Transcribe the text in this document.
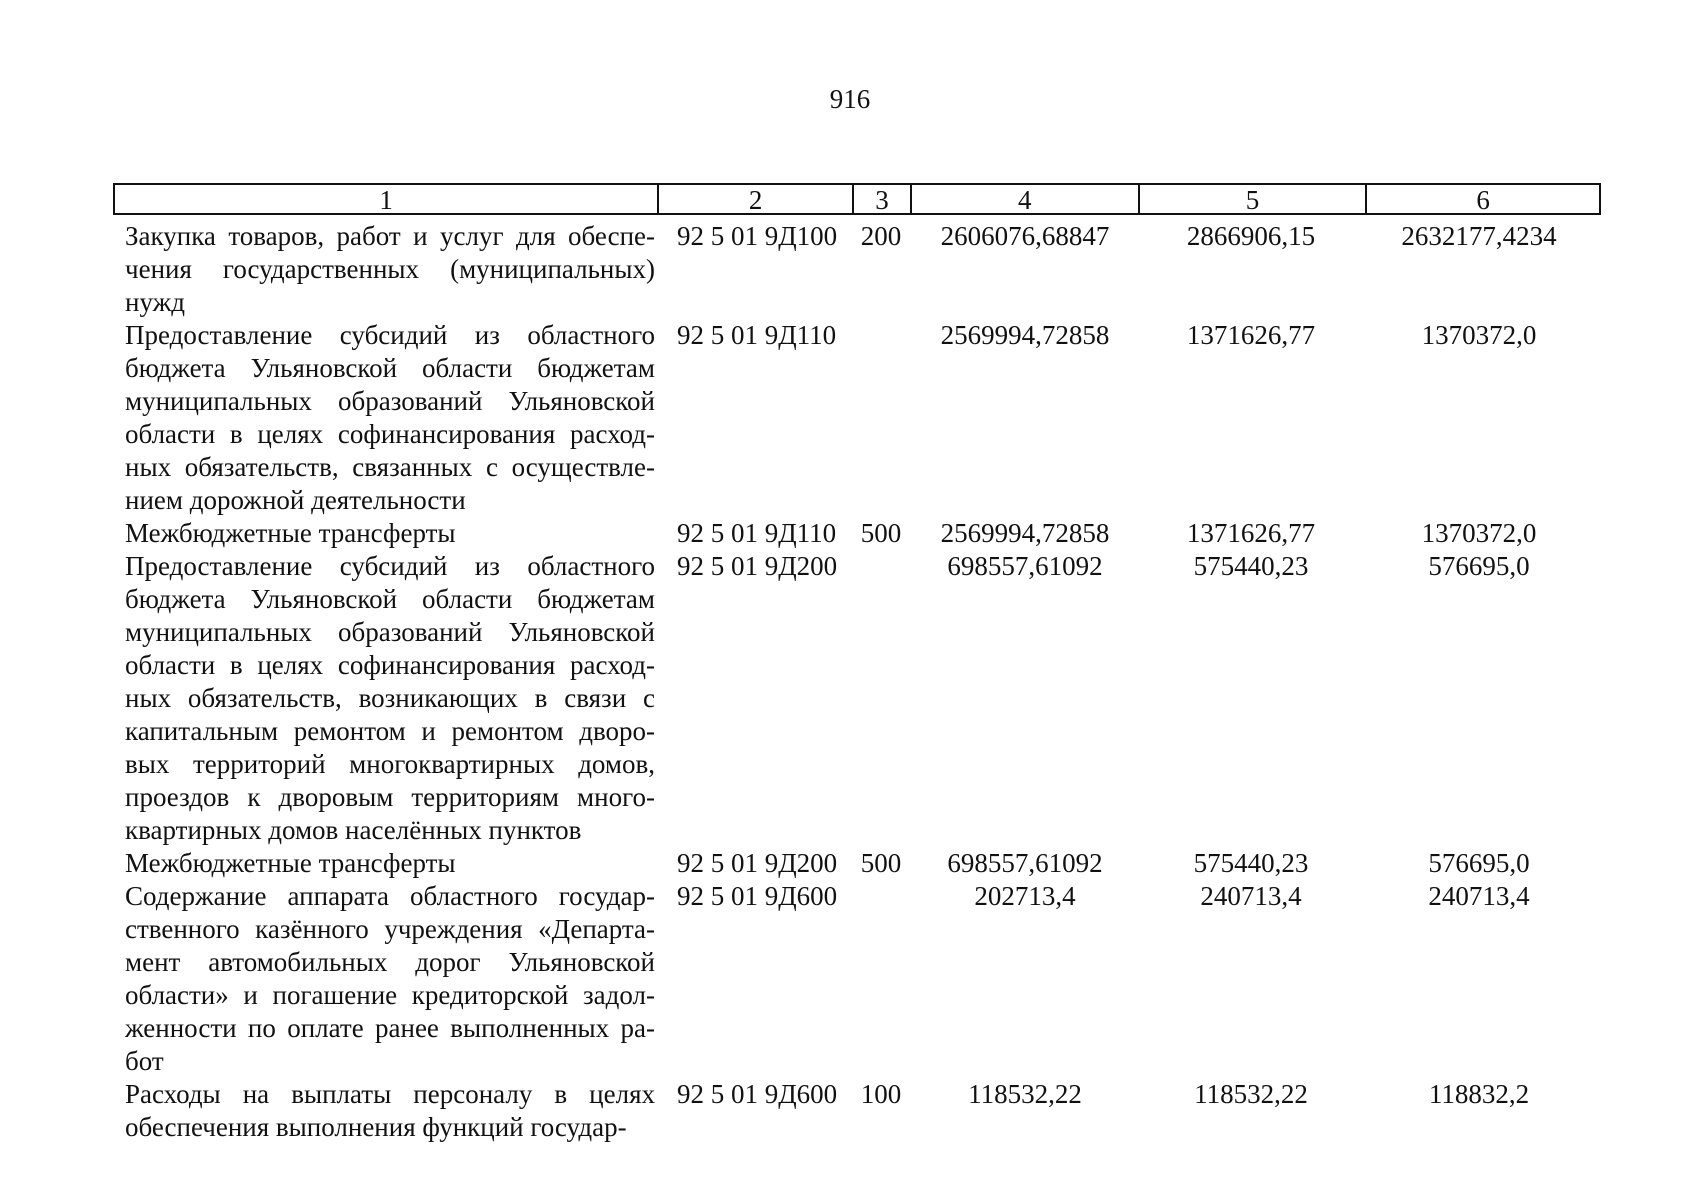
916
1	2	3	4	5	6
Закупка товаров, работ и услуг для обеспе-
чения государственных (муниципальных)
нужд
92 5 01 9Д100 200	2606076,68847	2866906,15	2632177,4234
Предоставление субсидий из областного
бюджета Ульяновской области бюджетам
муниципальных образований Ульяновской
области в целях софинансирования расход-
ных обязательств, связанных с осуществле-
нием дорожной деятельности
92 5 01 9Д110	2569994,72858	1371626,77	1370372,0
Межбюджетные трансферты	92 5 01 9Д110 500	2569994,72858	1371626,77	1370372,0
Предоставление субсидий из областного
бюджета Ульяновской области бюджетам
муниципальных образований Ульяновской
области в целях софинансирования расход-
ных обязательств, возникающих в связи с
капитальным ремонтом и ремонтом дворо-
вых территорий многоквартирных домов,
проездов к дворовым территориям много-
квартирных домов населённых пунктов
92 5 01 9Д200	698557,61092	575440,23	576695,0
Межбюджетные трансферты	92 5 01 9Д200 500	698557,61092	575440,23	576695,0
Содержание аппарата областного государ-
ственного казённого учреждения «Департа-
мент автомобильных дорог Ульяновской
области» и погашение кредиторской задол-
женности по оплате ранее выполненных ра-
бот
92 5 01 9Д600	202713,4	240713,4	240713,4
Расходы на выплаты персоналу в целях
обеспечения выполнения функций государ-
92 5 01 9Д600 100	118532,22	118532,22	118832,2
